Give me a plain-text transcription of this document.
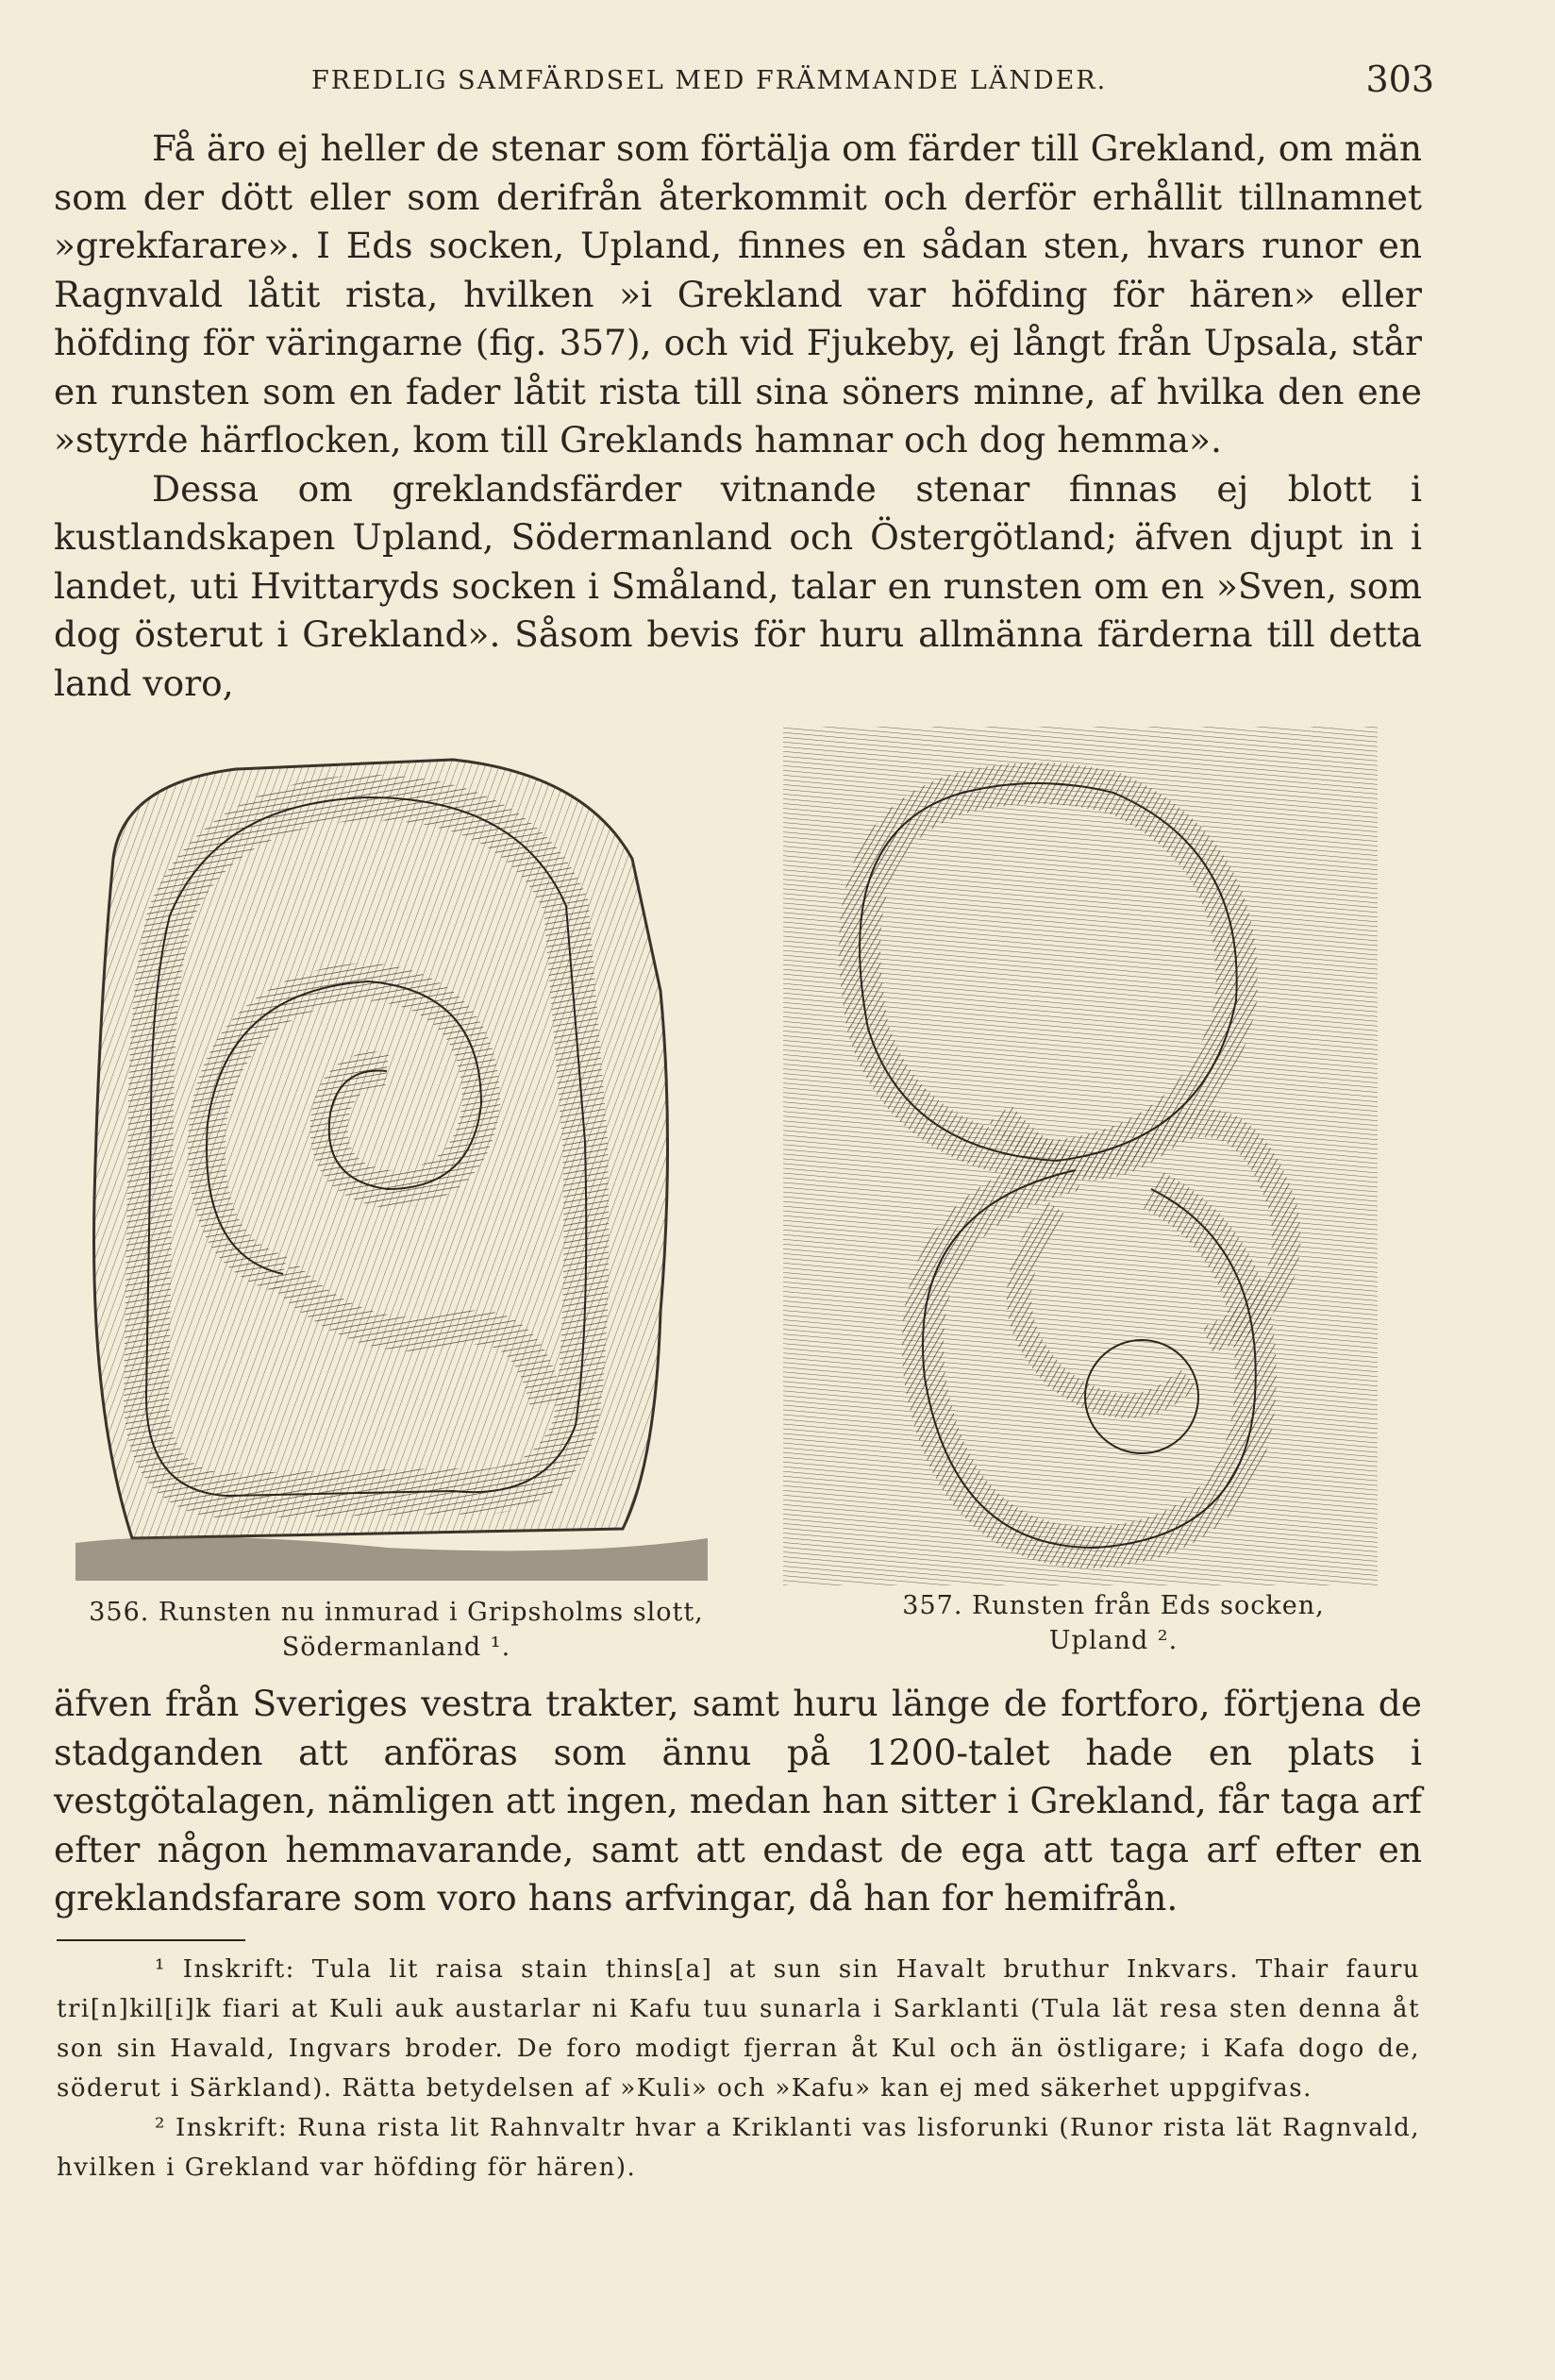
FREDLIG SAMFÄRDSEL MED FRÄMMANDE LÄNDER.	303

Få äro ej heller de stenar som förtälja om färder till Grekland, om män som der dött eller som derifrån återkommit och derför erhållit tillnamnet »grekfarare». I Eds socken, Upland, finnes en sådan sten, hvars runor en Ragnvald låtit rista, hvilken »i Grekland var höfding för hären» eller höfding för väringarne (fig. 357), och vid Fjukeby, ej långt från Upsala, står en runsten som en fader låtit rista till sina söners minne, af hvilka den ene »styrde härflocken, kom till Greklands hamnar och dog hemma».

Dessa om greklandsfärder vitnande stenar finnas ej blott i kustlandskapen Upland, Södermanland och Östergötland; äfven djupt in i landet, uti Hvittaryds socken i Småland, talar en runsten om en »Sven, som dog österut i Grekland». Såsom bevis för huru allmänna färderna till detta land voro,

356. Runsten nu inmurad i Gripsholms slott,
Södermanland ¹.
357. Runsten från Eds socken,
Upland ².

äfven från Sveriges vestra trakter, samt huru länge de fortforo, förtjena de stadganden att anföras som ännu på 1200-talet hade en plats i vestgötalagen, nämligen att ingen, medan han sitter i Grekland, får taga arf efter någon hemmavarande, samt att endast de ega att taga arf efter en greklandsfarare som voro hans arfvingar, då han for hemifrån.

¹ Inskrift: Tula lit raisa stain thins[a] at sun sin Havalt bruthur Inkvars. Thair fauru tri[n]kil[i]k fiari at Kuli auk austarlar ni Kafu tuu sunarla i Sarklanti (Tula lät resa sten denna åt son sin Havald, Ingvars broder. De foro modigt fjerran åt Kul och än östligare; i Kafa dogo de, söderut i Särkland). Rätta betydelsen af »Kuli» och »Kafu» kan ej med säkerhet uppgifvas.

² Inskrift: Runa rista lit Rahnvaltr hvar a Kriklanti vas lisforunki (Runor rista lät Ragnvald, hvilken i Grekland var höfding för hären).
